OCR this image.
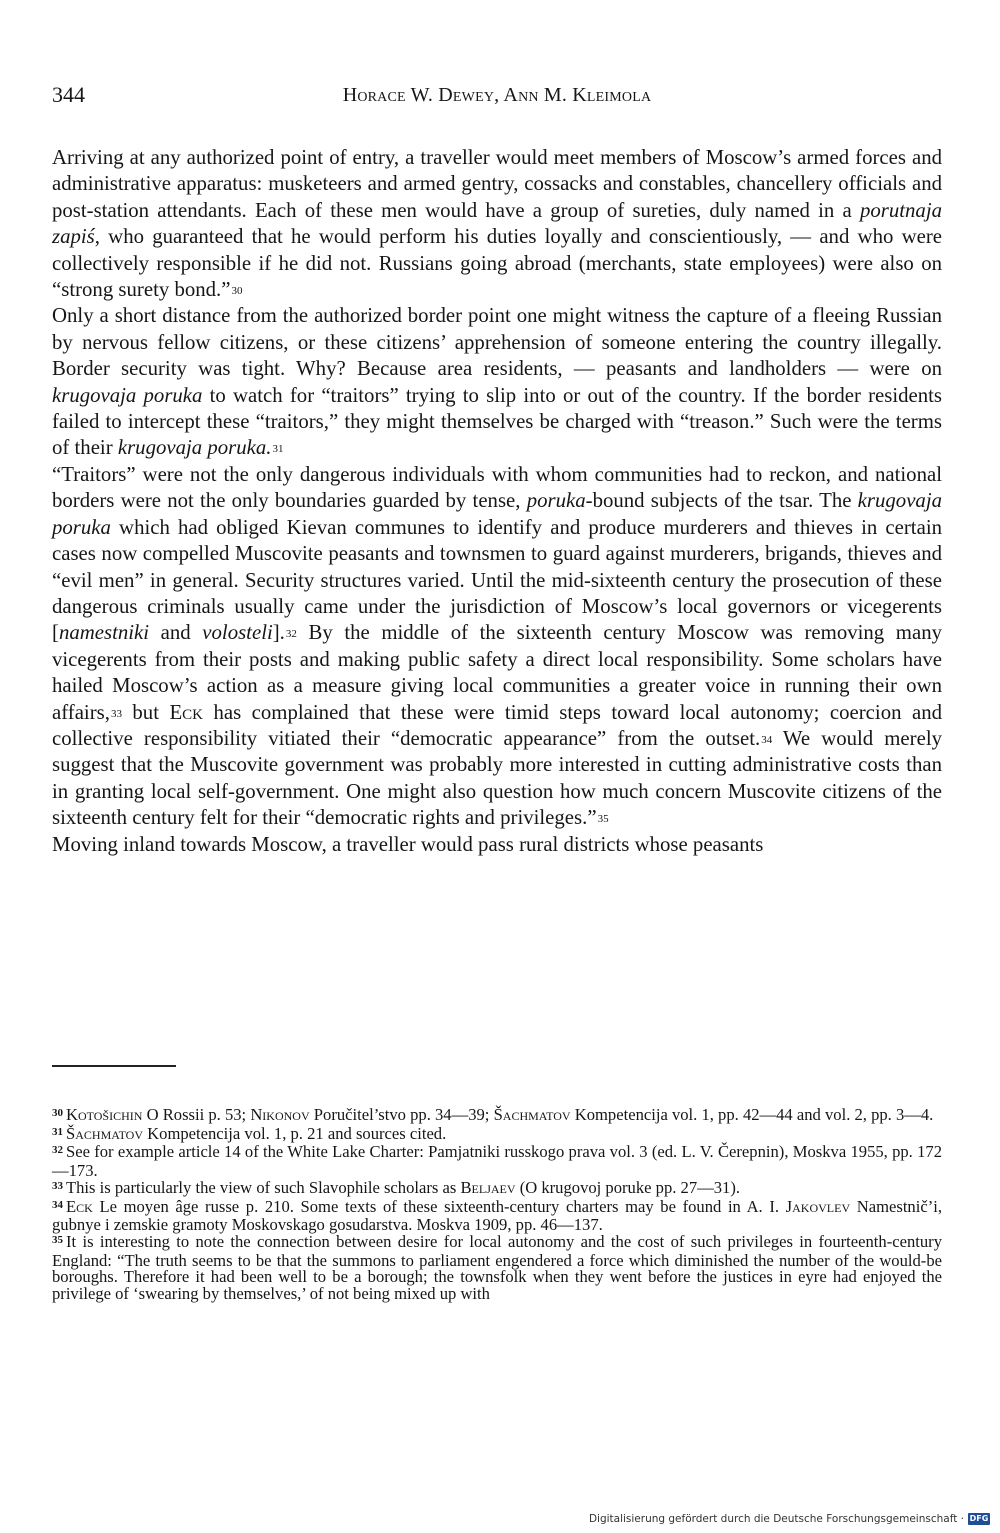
344	Horace W. Dewey, Ann M. Kleimola

Arriving at any authorized point of entry, a traveller would meet members of Moscow’s armed forces and administrative apparatus: musketeers and armed gentry, cossacks and constables, chancellery officials and post-station attendants. Each of these men would have a group of sureties, duly named in a porutnaja zapiś, who guaranteed that he would perform his duties loyally and conscientiously, — and who were collectively responsible if he did not. Russians going abroad (merchants, state employees) were also on “strong surety bond.”$^{30}$

Only a short distance from the authorized border point one might witness the capture of a fleeing Russian by nervous fellow citizens, or these citizens’ apprehension of someone entering the country illegally. Border security was tight. Why? Because area residents, — peasants and landholders — were on krugovaja poruka to watch for “traitors” trying to slip into or out of the country. If the border residents failed to intercept these “traitors,” they might themselves be charged with “treason.” Such were the terms of their krugovaja poruka.$^{31}$

“Traitors” were not the only dangerous individuals with whom communities had to reckon, and national borders were not the only boundaries guarded by tense, poruka-bound subjects of the tsar. The krugovaja poruka which had obliged Kievan communes to identify and produce murderers and thieves in certain cases now compelled Muscovite peasants and townsmen to guard against murderers, brigands, thieves and “evil men” in general. Security structures varied. Until the mid-sixteenth century the prosecution of these dangerous criminals usually came under the jurisdiction of Moscow’s local governors or vicegerents [namestniki and volosteli].$^{32}$ By the middle of the sixteenth century Moscow was removing many vicegerents from their posts and making public safety a direct local responsibility. Some scholars have hailed Moscow’s action as a measure giving local communities a greater voice in running their own affairs,$^{33}$ but Eck has complained that these were timid steps toward local autonomy; coercion and collective responsibility vitiated their “democratic appearance” from the outset.$^{34}$ We would merely suggest that the Muscovite government was probably more interested in cutting administrative costs than in granting local self-government. One might also question how much concern Muscovite citizens of the sixteenth century felt for their “democratic rights and privileges.”$^{35}$

Moving inland towards Moscow, a traveller would pass rural districts whose peasants

$^{30}$ Kotošichin O Rossii p. 53; Nikonov Poručitel’stvo pp. 34—39; Šachmatov Kompetencija vol. 1, pp. 42—44 and vol. 2, pp. 3—4.

$^{31}$ Šachmatov Kompetencija vol. 1, p. 21 and sources cited.

$^{32}$ See for example article 14 of the White Lake Charter: Pamjatniki russkogo prava vol. 3 (ed. L. V. Čerepnin), Moskva 1955, pp. 172—173.

$^{33}$ This is particularly the view of such Slavophile scholars as Beljaev (O krugovoj poruke pp. 27—31).

$^{34}$ Eck Le moyen âge russe p. 210. Some texts of these sixteenth-century charters may be found in A. I. Jakovlev Namestnič’i, gubnye i zemskie gramoty Moskovskago gosudarstva. Moskva 1909, pp. 46—137.

$^{35}$ It is interesting to note the connection between desire for local autonomy and the cost of such privileges in fourteenth-century England: “The truth seems to be that the summons to parliament engendered a force which diminished the number of the would-be boroughs. Therefore it had been well to be a borough; the townsfolk when they went before the justices in eyre had enjoyed the privilege of ‘swearing by themselves,’ of not being mixed up with

Digitalisierung gefördert durch die Deutsche Forschungsgemeinschaft · DFG
